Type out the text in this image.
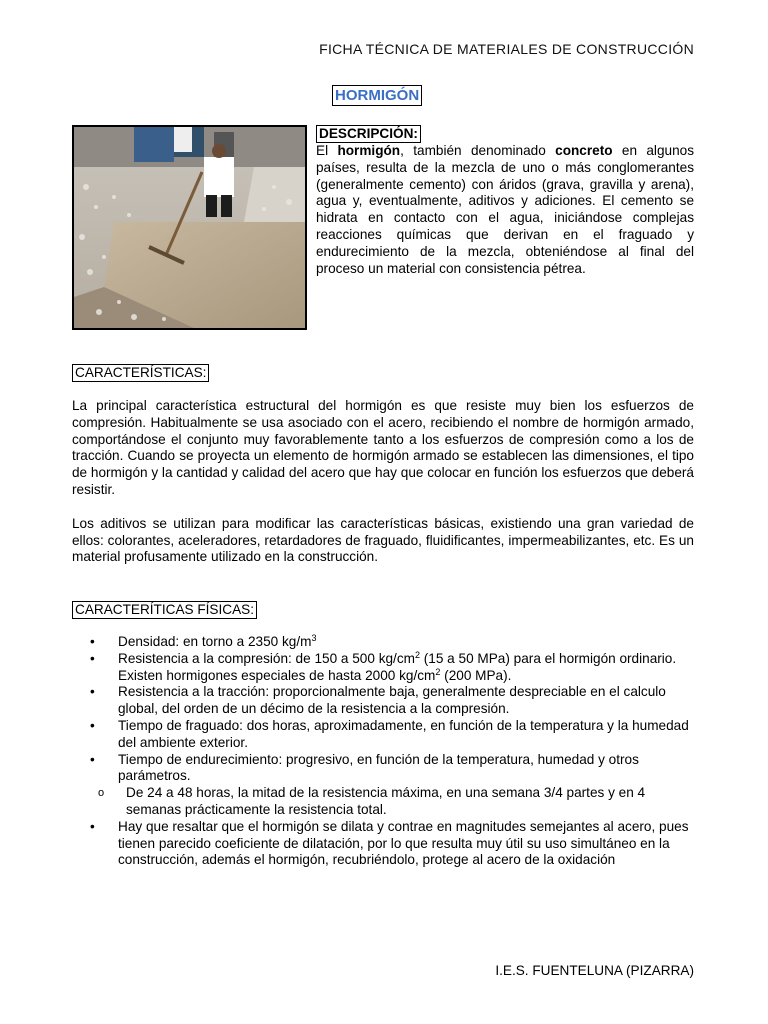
FICHA TÉCNICA DE MATERIALES DE CONSTRUCCIÓN
HORMIGÓN
DESCRIPCIÓN:
El hormigón, también denominado concreto en algunos países, resulta de la mezcla de uno o más conglomerantes (generalmente cemento) con áridos (grava, gravilla y arena), agua y, eventualmente, aditivos y adiciones. El cemento se hidrata en contacto con el agua, iniciándose complejas reacciones químicas que derivan en el fraguado y endurecimiento de la mezcla, obteniéndose al final del proceso un material con consistencia pétrea.
CARACTERÍSTICAS:

La principal característica estructural del hormigón es que resiste muy bien los esfuerzos de compresión. Habitualmente se usa asociado con el acero, recibiendo el nombre de hormigón armado, comportándose el conjunto muy favorablemente tanto a los esfuerzos de compresión como a los de tracción. Cuando se proyecta un elemento de hormigón armado se establecen las dimensiones, el tipo de hormigón y la cantidad y calidad del acero que hay que colocar en función los esfuerzos que deberá resistir.

Los aditivos se utilizan para modificar las características básicas, existiendo una gran variedad de ellos: colorantes, aceleradores, retardadores de fraguado, fluidificantes, impermeabilizantes, etc. Es un material profusamente utilizado en la construcción.

CARACTERÍTICAS FÍSICAS:
• Densidad: en torno a 2350 $kg/m^3$
• Resistencia a la compresión: de 150 a 500 $kg/cm^2$ (15 a 50 MPa) para el hormigón ordinario. Existen hormigones especiales de hasta 2000 $kg/cm^2$ (200 MPa).
• Resistencia a la tracción: proporcionalmente baja, generalmente despreciable en el calculo global, del orden de un décimo de la resistencia a la compresión.
• Tiempo de fraguado: dos horas, aproximadamente, en función de la temperatura y la humedad del ambiente exterior.
• Tiempo de endurecimiento: progresivo, en función de la temperatura, humedad y otros parámetros.
o De 24 a 48 horas, la mitad de la resistencia máxima, en una semana 3/4 partes y en 4 semanas prácticamente la resistencia total.
• Hay que resaltar que el hormigón se dilata y contrae en magnitudes semejantes al acero, pues tienen parecido coeficiente de dilatación, por lo que resulta muy útil su uso simultáneo en la construcción, además el hormigón, recubriéndolo, protege al acero de la oxidación
I.E.S. FUENTELUNA (PIZARRA)
